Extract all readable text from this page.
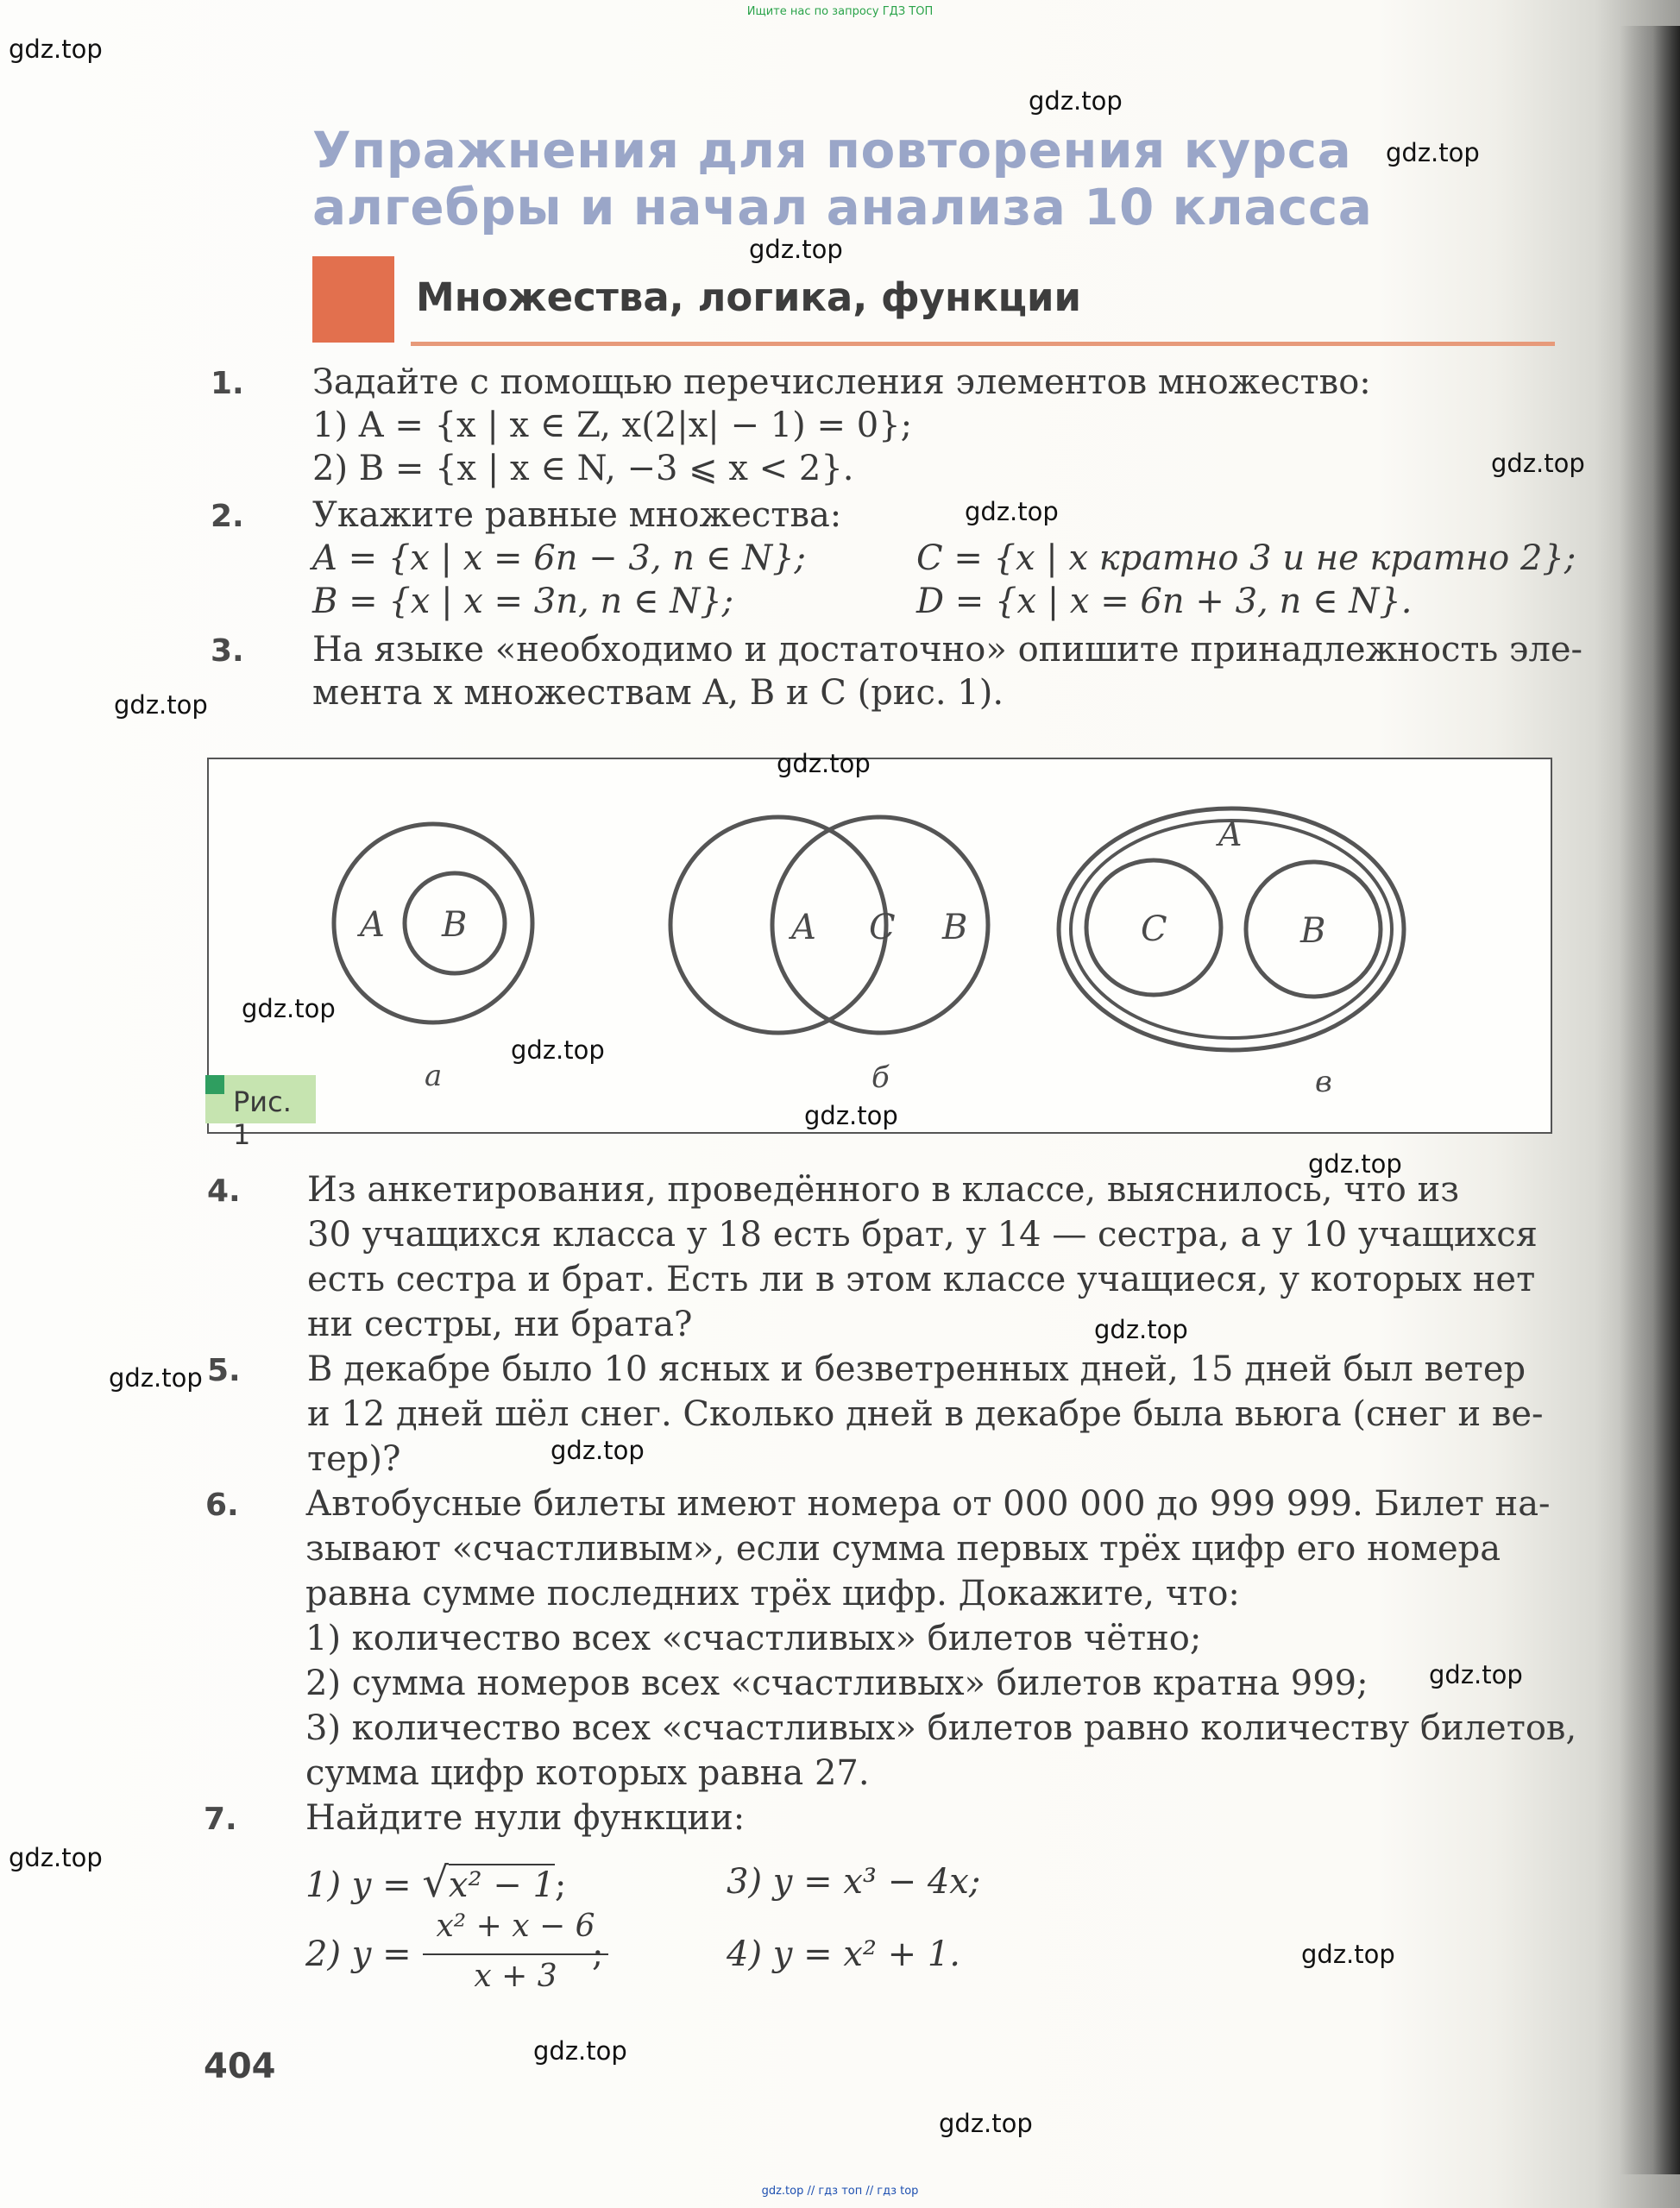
Ищите нас по запросу ГДЗ ТОП
Упражнения для повторения курса
алгебры и начал анализа 10 класса
Множества, логика, функции
1. Задайте с помощью перечисления элементов множество:
1) A = {x | x ∈ Z, x(2|x| − 1) = 0};
2) B = {x | x ∈ N, −3 ⩽ x < 2}.
2. Укажите равные множества:
A = {x | x = 6n − 3, n ∈ N};	C = {x | x кратно 3 и не кратно 2};
B = {x | x = 3n, n ∈ N};	D = {x | x = 6n + 3, n ∈ N}.
3. На языке «необходимо и достаточно» опишите принадлежность эле-
мента x множествам A, B и C (рис. 1).
A B
а
A C B
б
A
C	B
в
Рис. 1
4. Из анкетирования, проведённого в классе, выяснилось, что из
30 учащихся класса у 18 есть брат, у 14 — сестра, а у 10 учащихся
есть сестра и брат. Есть ли в этом классе учащиеся, у которых нет
ни сестры, ни брата?
5. В декабре было 10 ясных и безветренных дней, 15 дней был ветер
и 12 дней шёл снег. Сколько дней в декабре была вьюга (снег и ве-
тер)?
6. Автобусные билеты имеют номера от 000 000 до 999 999. Билет на-
зывают «счастливым», если сумма первых трёх цифр его номера
равна сумме последних трёх цифр. Докажите, что:
1) количество всех «счастливых» билетов чётно;
2) сумма номеров всех «счастливых» билетов кратна 999;
3) количество всех «счастливых» билетов равно количеству билетов,
сумма цифр которых равна 27.
7. Найдите нули функции:
1) y = √x² − 1;	3) y = x³ − 4x;
2) y =
x² + x − 6
x + 3
;	4) y = x² + 1.
404
gdz.top
gdz.top
gdz.top
gdz.top
gdz.top
gdz.top
gdz.top
gdz.top
gdz.top
gdz.top
gdz.top
gdz.top
gdz.top
gdz.top
gdz.top
gdz.top
gdz.top
gdz.top
gdz.top
gdz.top
gdz.top // гдз топ // гдз top
